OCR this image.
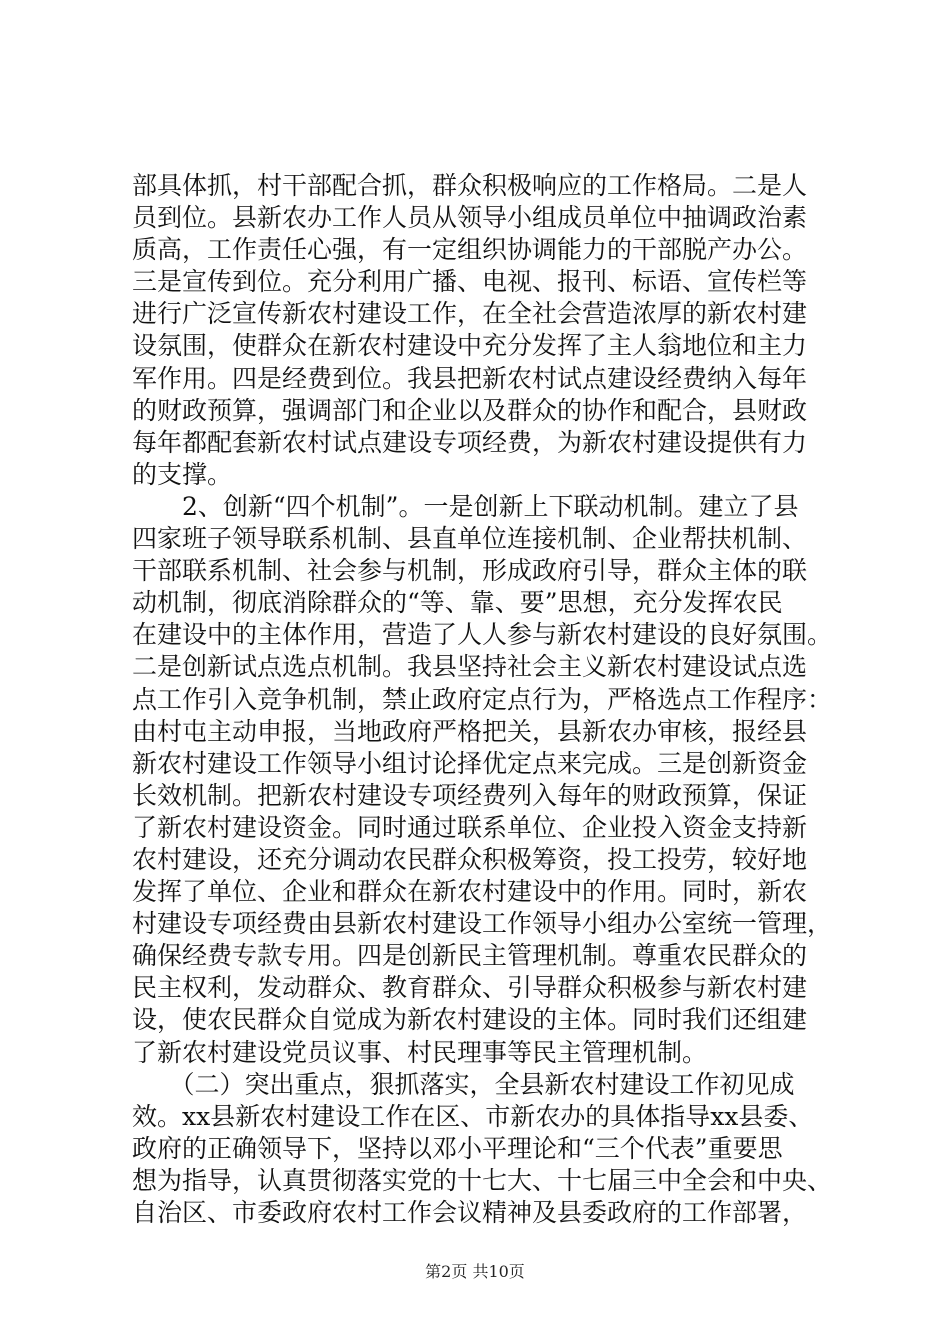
部具体抓，村干部配合抓，群众积极响应的工作格局。二是人
员到位。县新农办工作人员从领导小组成员单位中抽调政治素
质高，工作责任心强，有一定组织协调能力的干部脱产办公。
三是宣传到位。充分利用广播、电视、报刊、标语、宣传栏等
进行广泛宣传新农村建设工作，在全社会营造浓厚的新农村建
设氛围，使群众在新农村建设中充分发挥了主人翁地位和主力
军作用。四是经费到位。我县把新农村试点建设经费纳入每年
的财政预算，强调部门和企业以及群众的协作和配合，县财政
每年都配套新农村试点建设专项经费，为新农村建设提供有力
的支撑。
　　2、创新“四个机制”。一是创新上下联动机制。建立了县
四家班子领导联系机制、县直单位连接机制、企业帮扶机制、
干部联系机制、社会参与机制，形成政府引导，群众主体的联
动机制，彻底消除群众的“等、靠、要”思想，充分发挥农民
在建设中的主体作用，营造了人人参与新农村建设的良好氛围。
二是创新试点选点机制。我县坚持社会主义新农村建设试点选
点工作引入竞争机制，禁止政府定点行为，严格选点工作程序：
由村屯主动申报，当地政府严格把关，县新农办审核，报经县
新农村建设工作领导小组讨论择优定点来完成。三是创新资金
长效机制。把新农村建设专项经费列入每年的财政预算，保证
了新农村建设资金。同时通过联系单位、企业投入资金支持新
农村建设，还充分调动农民群众积极筹资，投工投劳，较好地
发挥了单位、企业和群众在新农村建设中的作用。同时，新农
村建设专项经费由县新农村建设工作领导小组办公室统一管理，
确保经费专款专用。四是创新民主管理机制。尊重农民群众的
民主权利，发动群众、教育群众、引导群众积极参与新农村建
设，使农民群众自觉成为新农村建设的主体。同时我们还组建
了新农村建设党员议事、村民理事等民主管理机制。
　　（二）突出重点，狠抓落实，全县新农村建设工作初见成
效。xx县新农村建设工作在区、市新农办的具体指导xx县委、
政府的正确领导下，坚持以邓小平理论和“三个代表”重要思
想为指导，认真贯彻落实党的十七大、十七届三中全会和中央、
自治区、市委政府农村工作会议精神及县委政府的工作部署，
第2页 共10页
